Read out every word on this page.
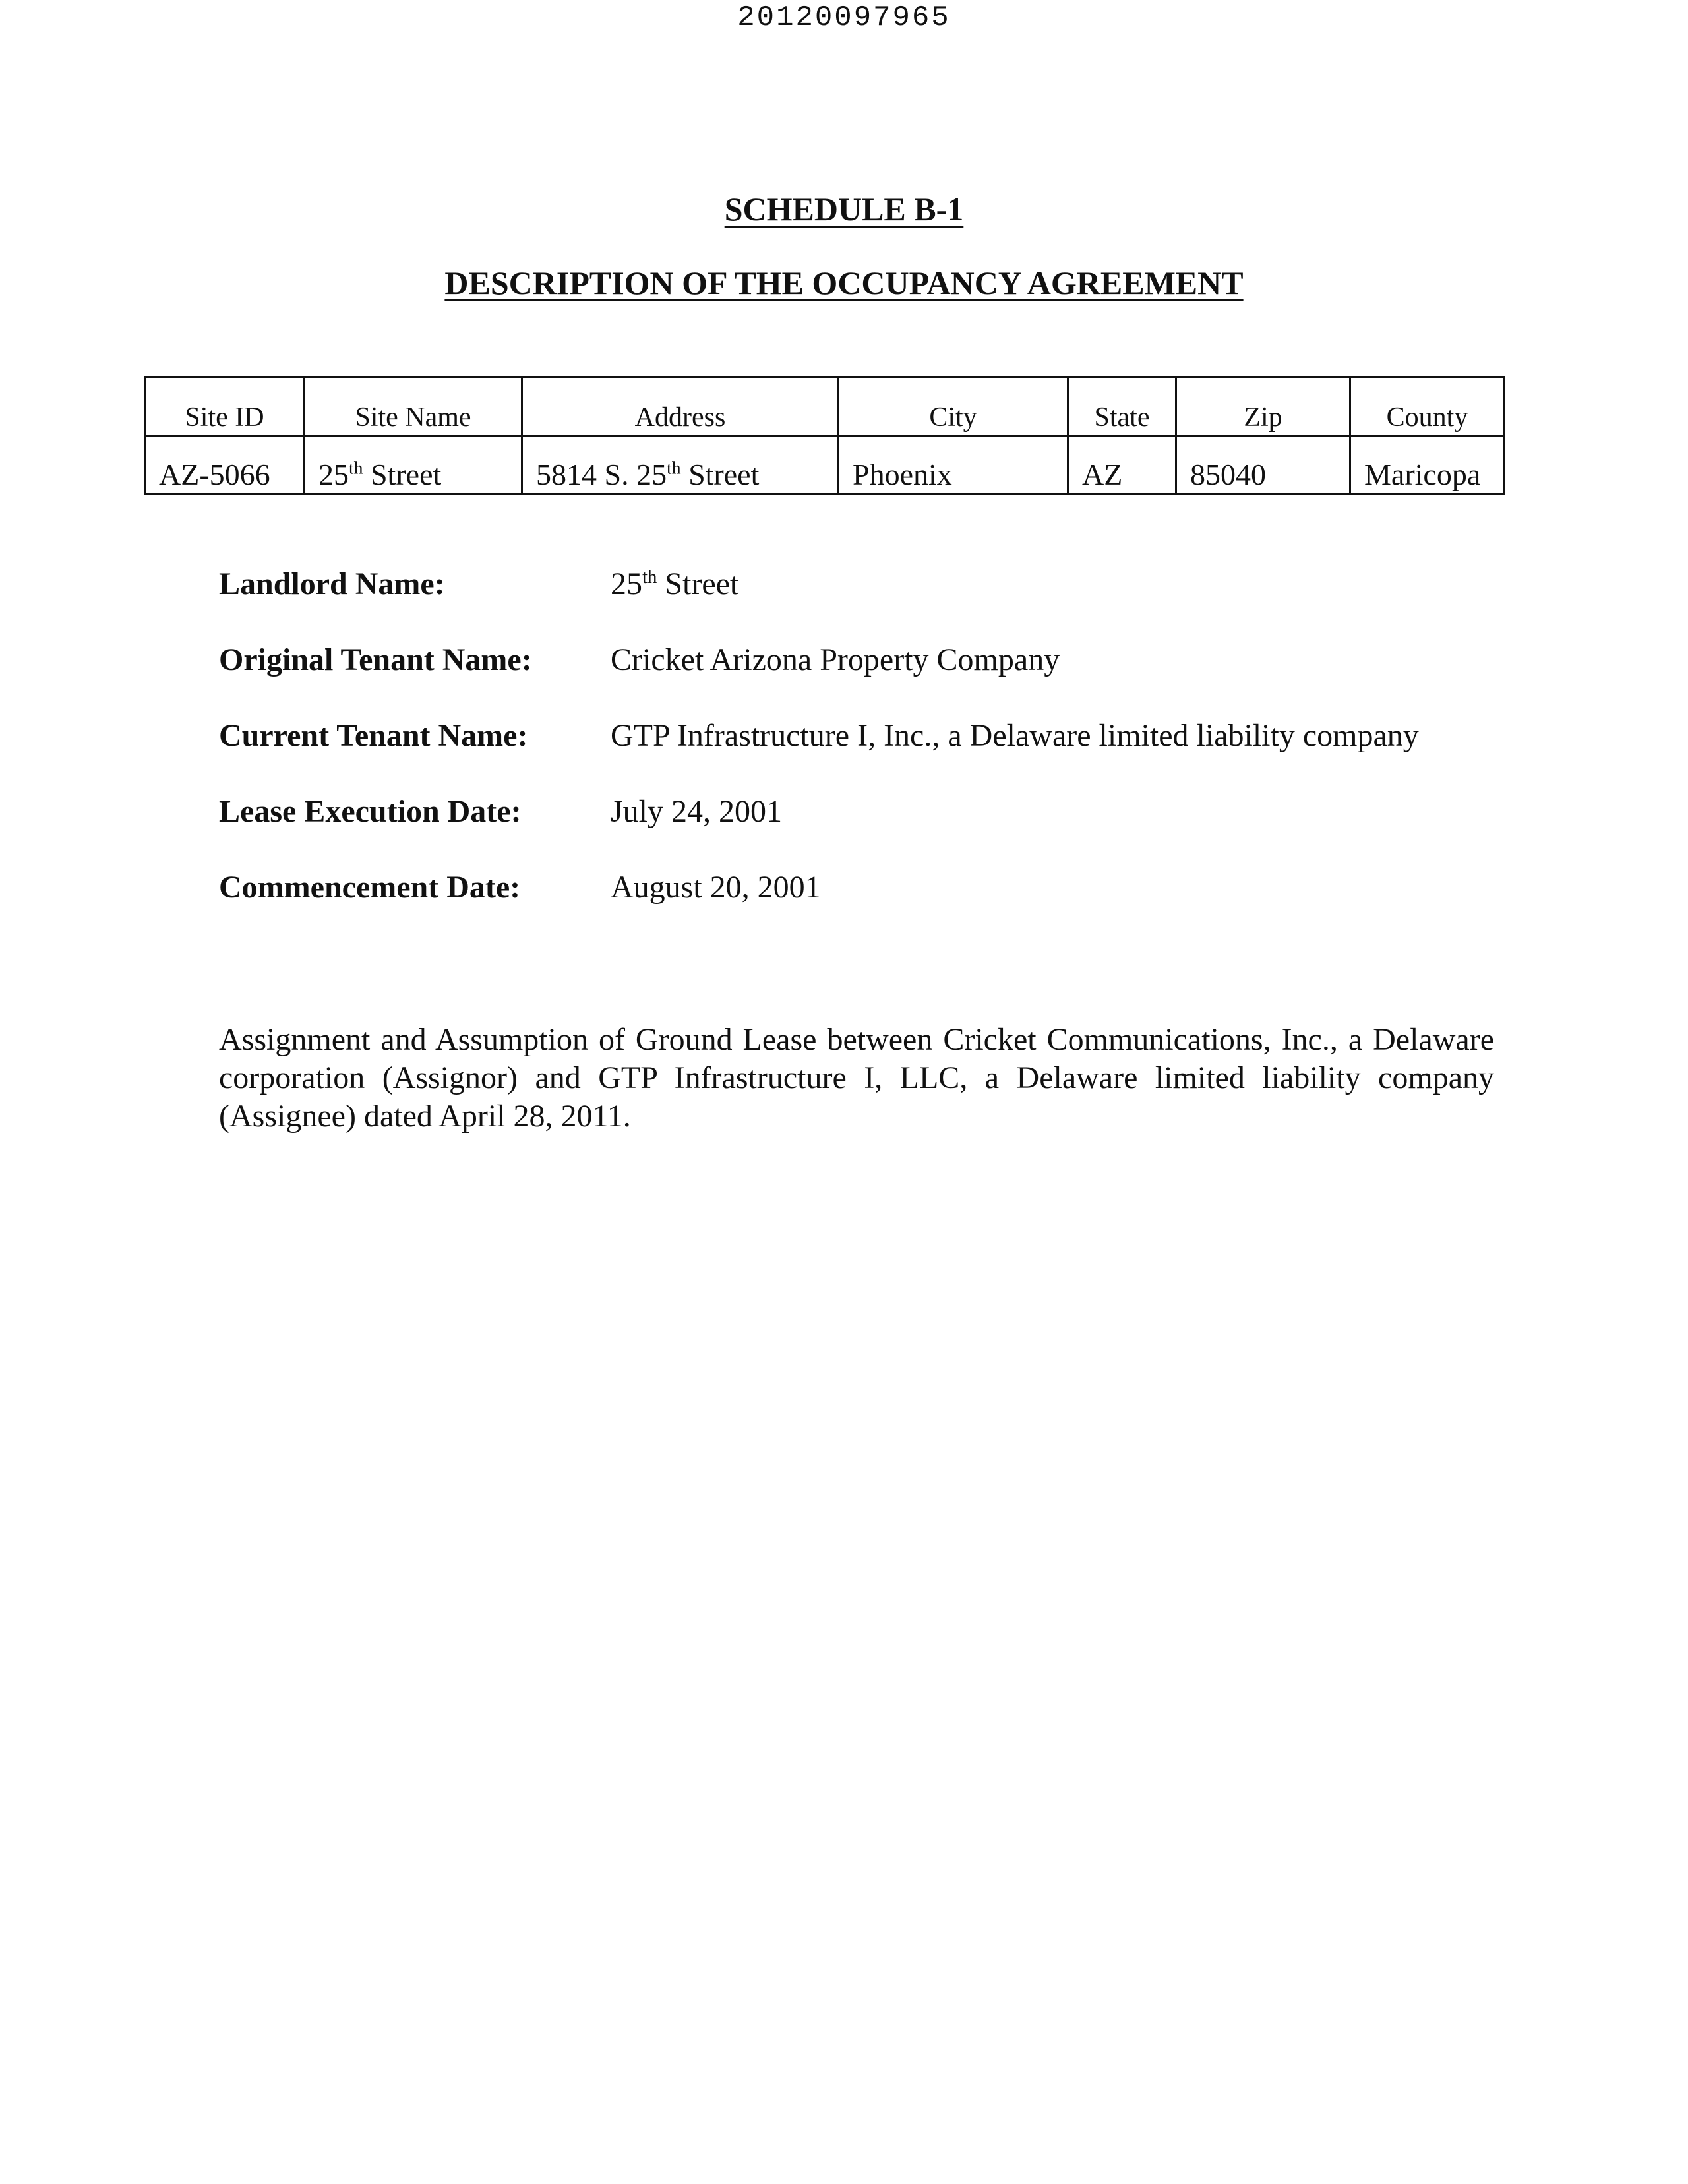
20120097965
SCHEDULE B-1
DESCRIPTION OF THE OCCUPANCY AGREEMENT
Site ID	Site Name	Address	City	State	Zip	County
AZ-5066	25th Street	5814 S. 25th Street	Phoenix	AZ	85040	Maricopa
Landlord Name:	25th Street
Original Tenant Name:	Cricket Arizona Property Company
Current Tenant Name:	GTP Infrastructure I, Inc., a Delaware limited liability company
Lease Execution Date:	July 24, 2001
Commencement Date:	August 20, 2001
Assignment and Assumption of Ground Lease between Cricket Communications, Inc., a Delaware corporation (Assignor) and GTP Infrastructure I, LLC, a Delaware limited liability company (Assignee) dated April 28, 2011.
